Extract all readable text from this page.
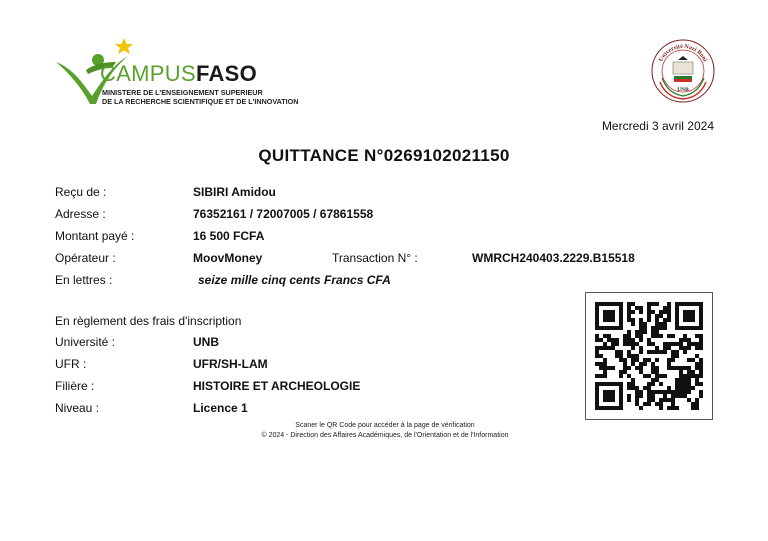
CAMPUSFASO
MINISTERE DE L'ENSEIGNEMENT SUPERIEUR
DE LA RECHERCHE SCIENTIFIQUE ET DE L'INNOVATION
Université Nazi Boni
UNB
Mercredi 3 avril 2024
QUITTANCE N°0269102021150
Reçu de :	SIBIRI Amidou
Adresse :	76352161 / 72007005 / 67861558
Montant payé :	16 500 FCFA
Opérateur :	MoovMoney	Transaction N° :	WMRCH240403.2229.B15518
En lettres :	seize mille cinq cents Francs CFA
En règlement des frais d'inscription
Université :	UNB
UFR :	UFR/SH-LAM
Filière :	HISTOIRE ET ARCHEOLOGIE
Niveau :	Licence 1
Scaner le QR Code pour accéder à la page de vérification
© 2024 - Direction des Affaires Académiques, de l'Orientation et de l'Information
